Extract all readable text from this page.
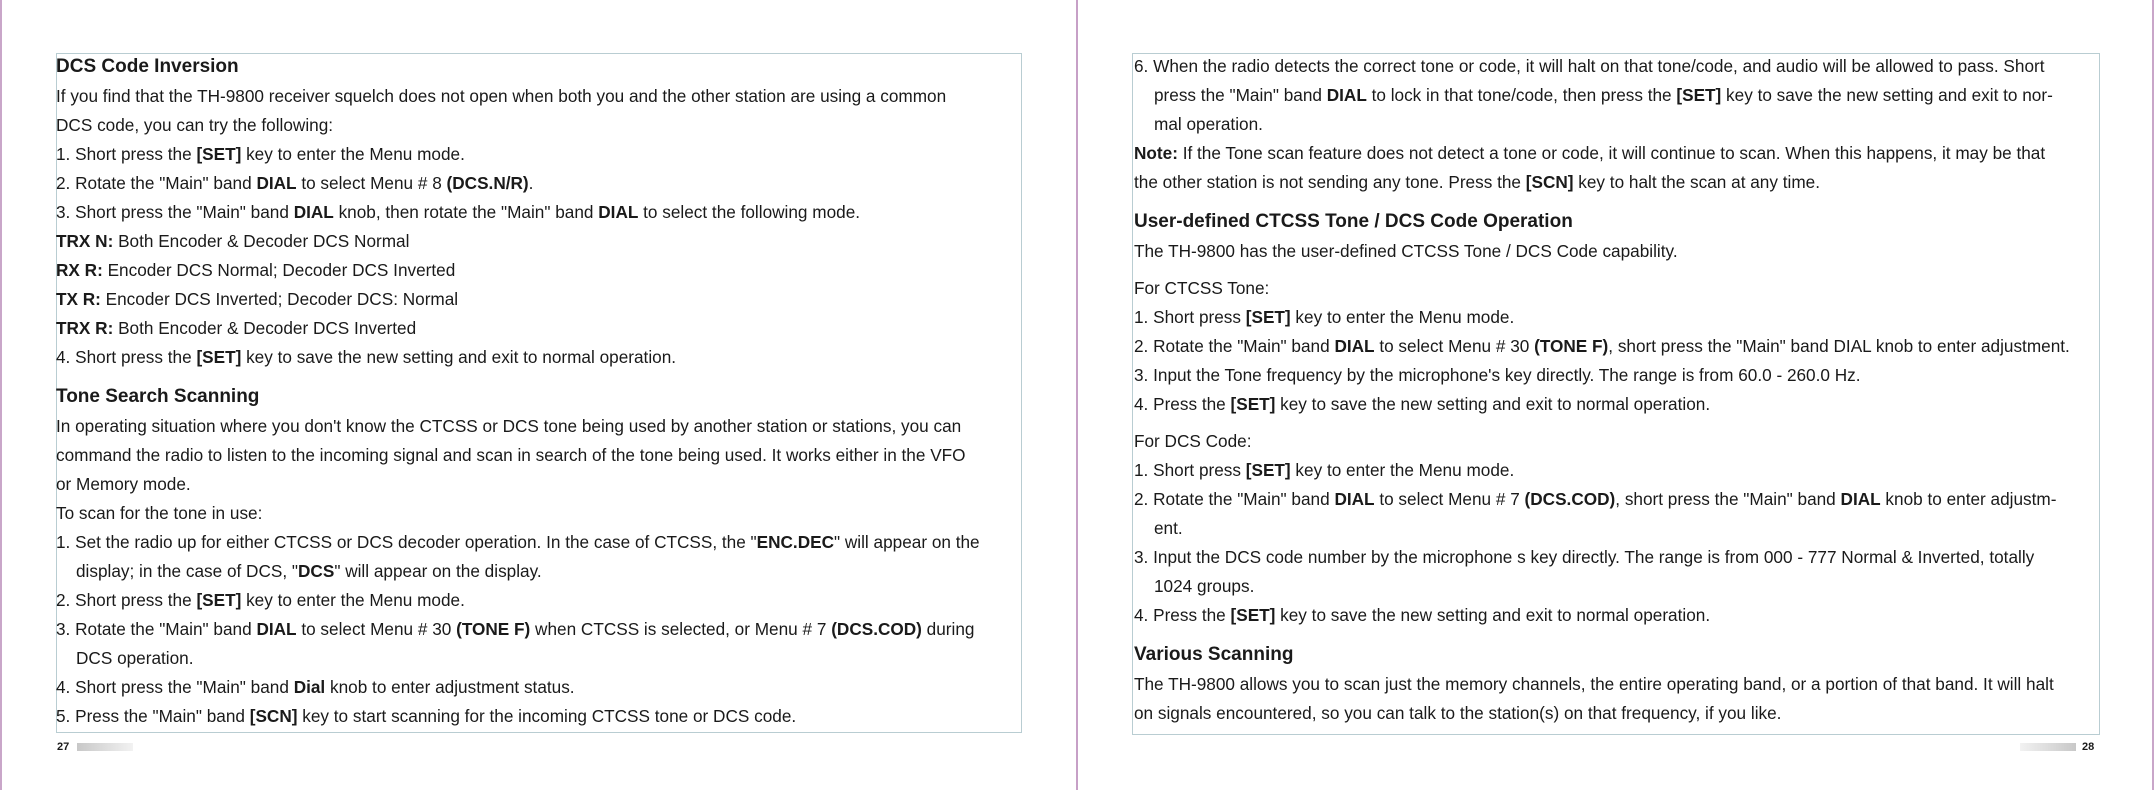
DCS Code Inversion
If you find that the TH-9800 receiver squelch does not open when both you and the other station are using a common
DCS code, you can try the following:
1. Short press the [SET] key to enter the Menu mode.
2. Rotate the "Main" band DIAL to select Menu # 8 (DCS.N/R).
3. Short press the "Main" band DIAL knob, then rotate the "Main" band DIAL to select the following mode.
TRX N: Both Encoder & Decoder DCS Normal
RX R: Encoder DCS Normal; Decoder DCS Inverted
TX R: Encoder DCS Inverted; Decoder DCS: Normal
TRX R: Both Encoder & Decoder DCS Inverted
4. Short press the [SET] key to save the new setting and exit to normal operation.
Tone Search Scanning
In operating situation where you don't know the CTCSS or DCS tone being used by another station or stations, you can
command the radio to listen to the incoming signal and scan in search of the tone being used. It works either in the VFO
or Memory mode.
To scan for the tone in use:
1. Set the radio up for either CTCSS or DCS decoder operation. In the case of CTCSS, the "ENC.DEC" will appear on the
display; in the case of DCS, "DCS" will appear on the display.
2. Short press the [SET] key to enter the Menu mode.
3. Rotate the "Main" band DIAL to select Menu # 30 (TONE F) when CTCSS is selected, or Menu # 7 (DCS.COD) during
DCS operation.
4. Short press the "Main" band Dial knob to enter adjustment status.
5. Press the "Main" band [SCN] key to start scanning for the incoming CTCSS tone or DCS code.
27
6. When the radio detects the correct tone or code, it will halt on that tone/code, and audio will be allowed to pass. Short
press the "Main" band DIAL to lock in that tone/code, then press the [SET] key to save the new setting and exit to nor-
mal operation.
Note: If the Tone scan feature does not detect a tone or code, it will continue to scan. When this happens, it may be that
the other station is not sending any tone. Press the [SCN] key to halt the scan at any time.
User-defined CTCSS Tone / DCS Code Operation
The TH-9800 has the user-defined CTCSS Tone / DCS Code capability.
For CTCSS Tone:
1. Short press [SET] key to enter the Menu mode.
2. Rotate the "Main" band DIAL to select Menu # 30 (TONE F), short press the "Main" band DIAL knob to enter adjustment.
3. Input the Tone frequency by the microphone's key directly. The range is from 60.0 - 260.0 Hz.
4. Press the [SET] key to save the new setting and exit to normal operation.
For DCS Code:
1. Short press [SET] key to enter the Menu mode.
2. Rotate the "Main" band DIAL to select Menu # 7 (DCS.COD), short press the "Main" band DIAL knob to enter adjustm-
ent.
3. Input the DCS code number by the microphone s key directly. The range is from 000 - 777 Normal & Inverted, totally
1024 groups.
4. Press the [SET] key to save the new setting and exit to normal operation.
Various Scanning
The TH-9800 allows you to scan just the memory channels, the entire operating band, or a portion of that band. It will halt
on signals encountered, so you can talk to the station(s) on that frequency, if you like.
28
